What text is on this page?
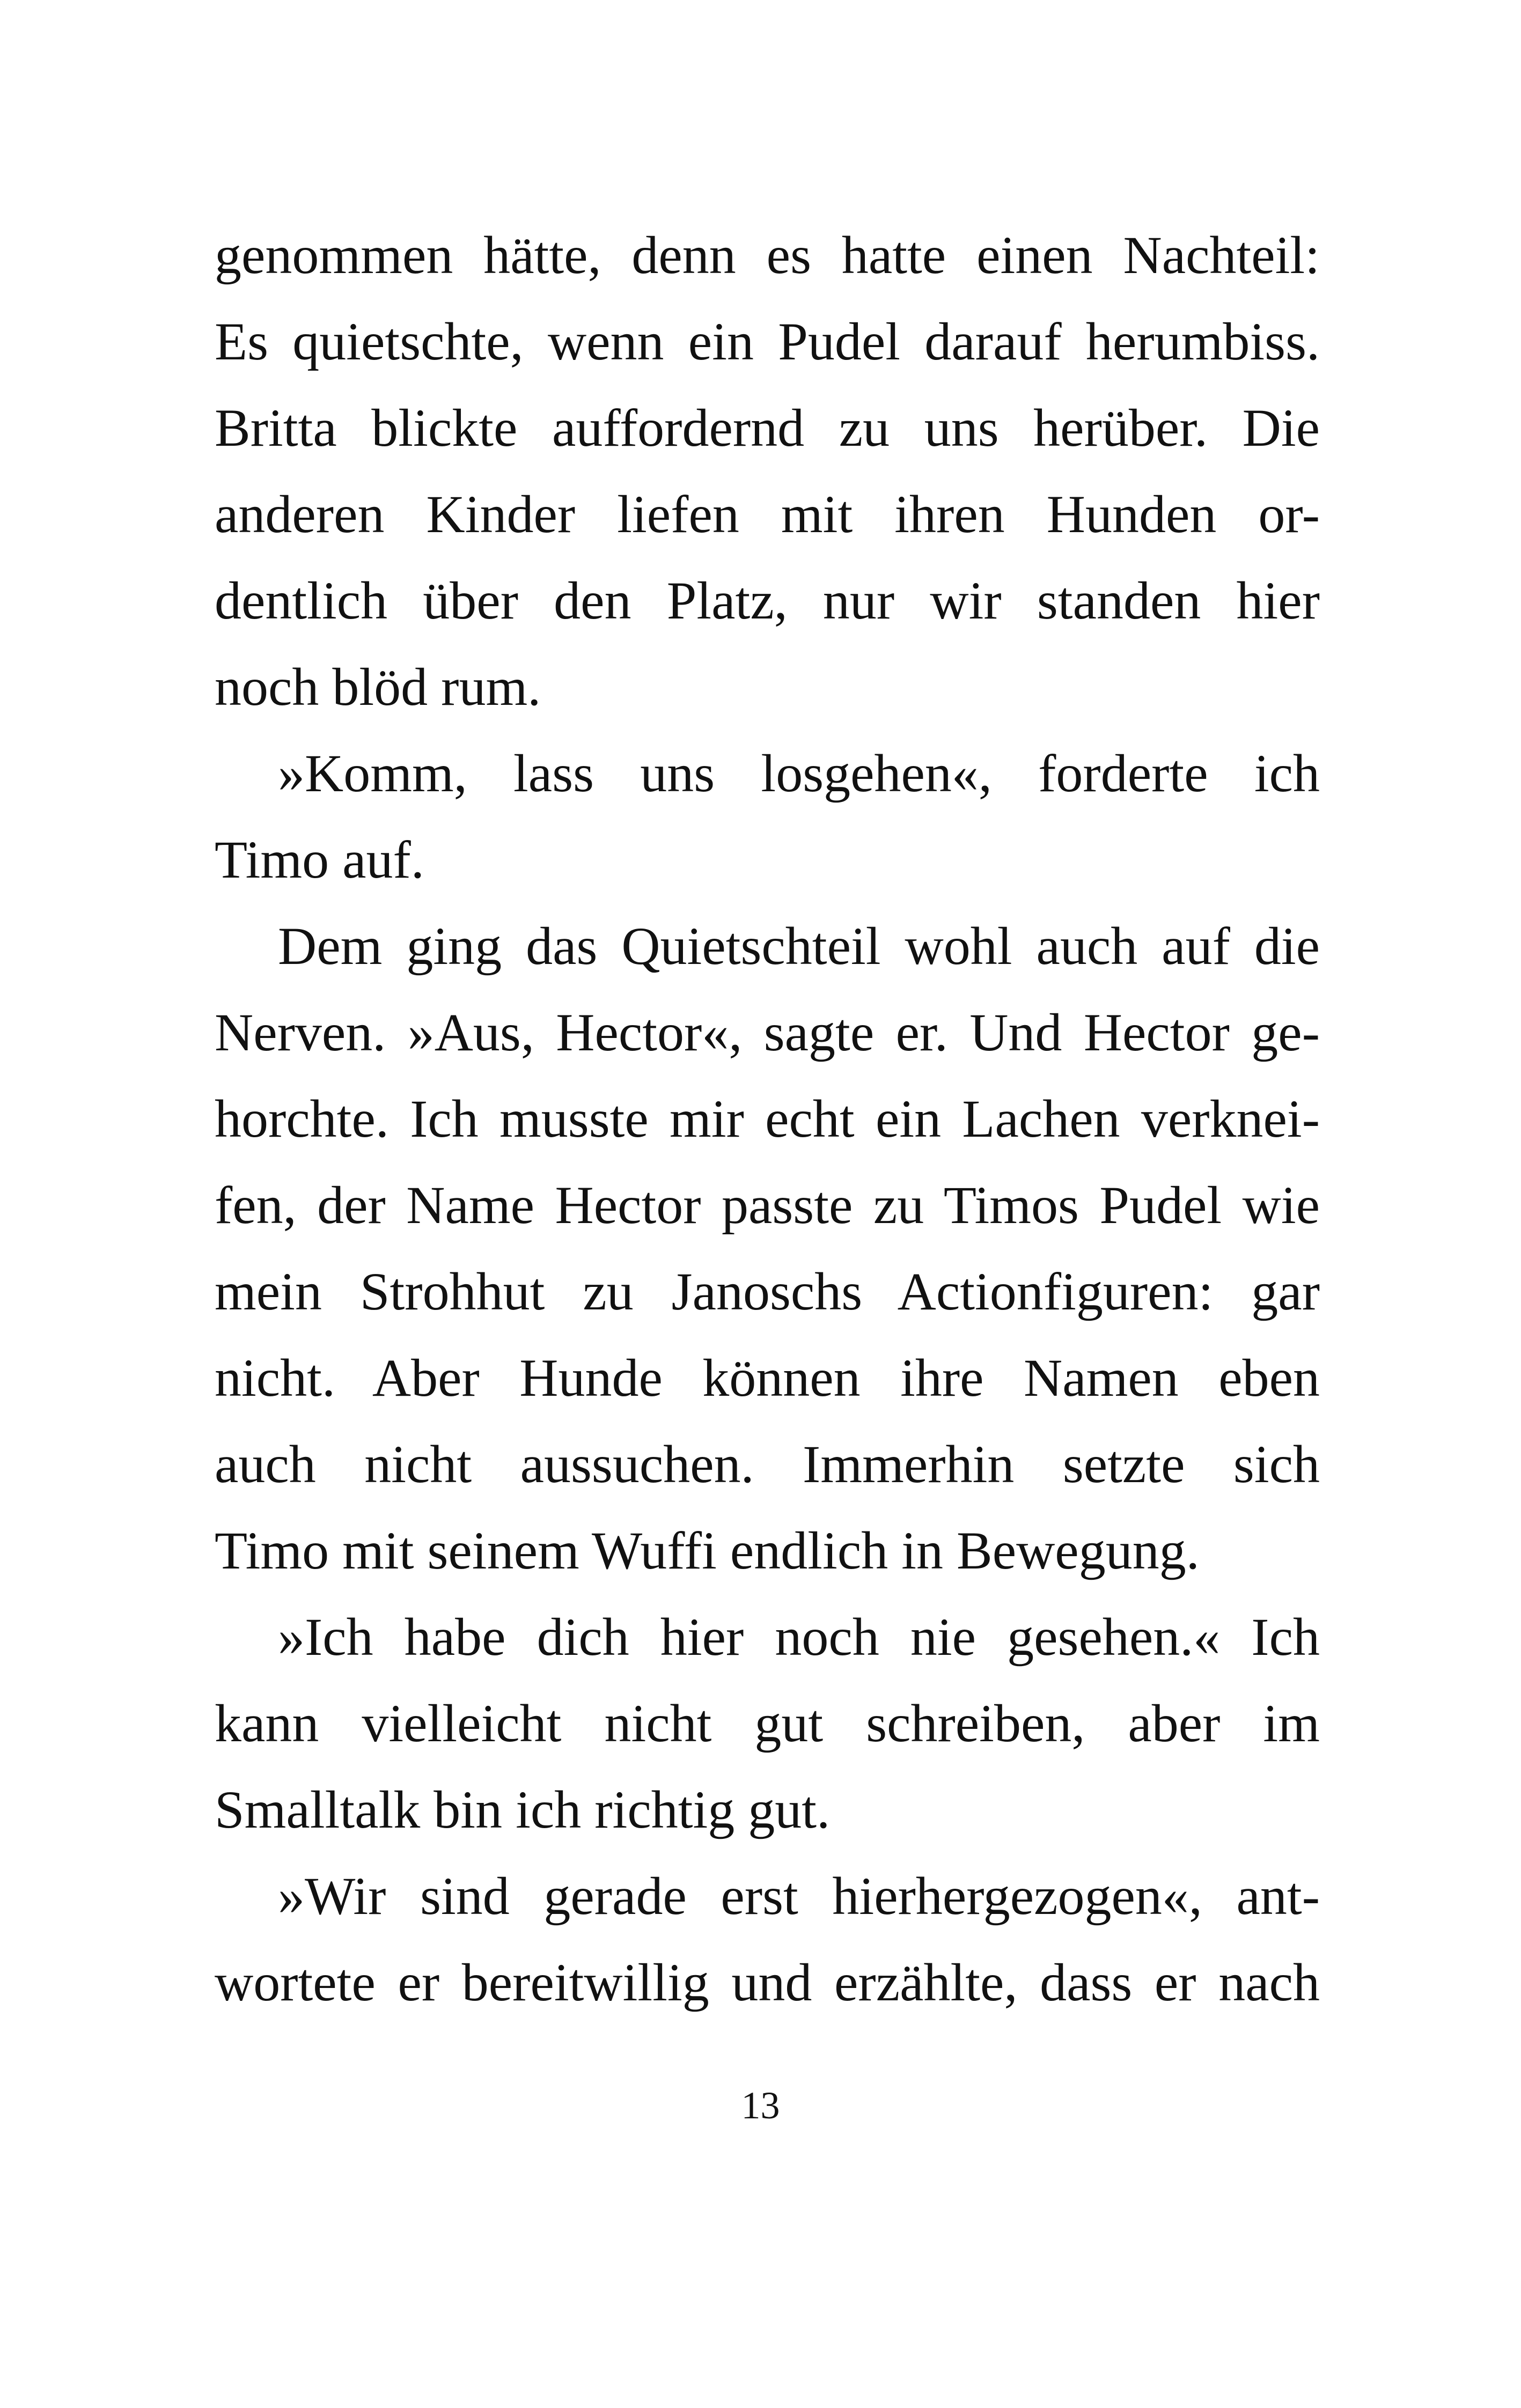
genommen hätte, denn es hatte einen Nachteil:
Es quietschte, wenn ein Pudel darauf herumbiss.
Britta blickte auffordernd zu uns herüber. Die
anderen Kinder liefen mit ihren Hunden or-
dentlich über den Platz, nur wir standen hier
noch blöd rum.
»Komm, lass uns losgehen«, forderte ich
Timo auf.
Dem ging das Quietschteil wohl auch auf die
Nerven. »Aus, Hector«, sagte er. Und Hector ge-
horchte. Ich musste mir echt ein Lachen verknei-
fen, der Name Hector passte zu Timos Pudel wie
mein Strohhut zu Janoschs Actionfiguren: gar
nicht. Aber Hunde können ihre Namen eben
auch nicht aussuchen. Immerhin setzte sich
Timo mit seinem Wuffi endlich in Bewegung.
»Ich habe dich hier noch nie gesehen.« Ich
kann vielleicht nicht gut schreiben, aber im
Smalltalk bin ich richtig gut.
»Wir sind gerade erst hierhergezogen«, ant-
wortete er bereitwillig und erzählte, dass er nach
13
